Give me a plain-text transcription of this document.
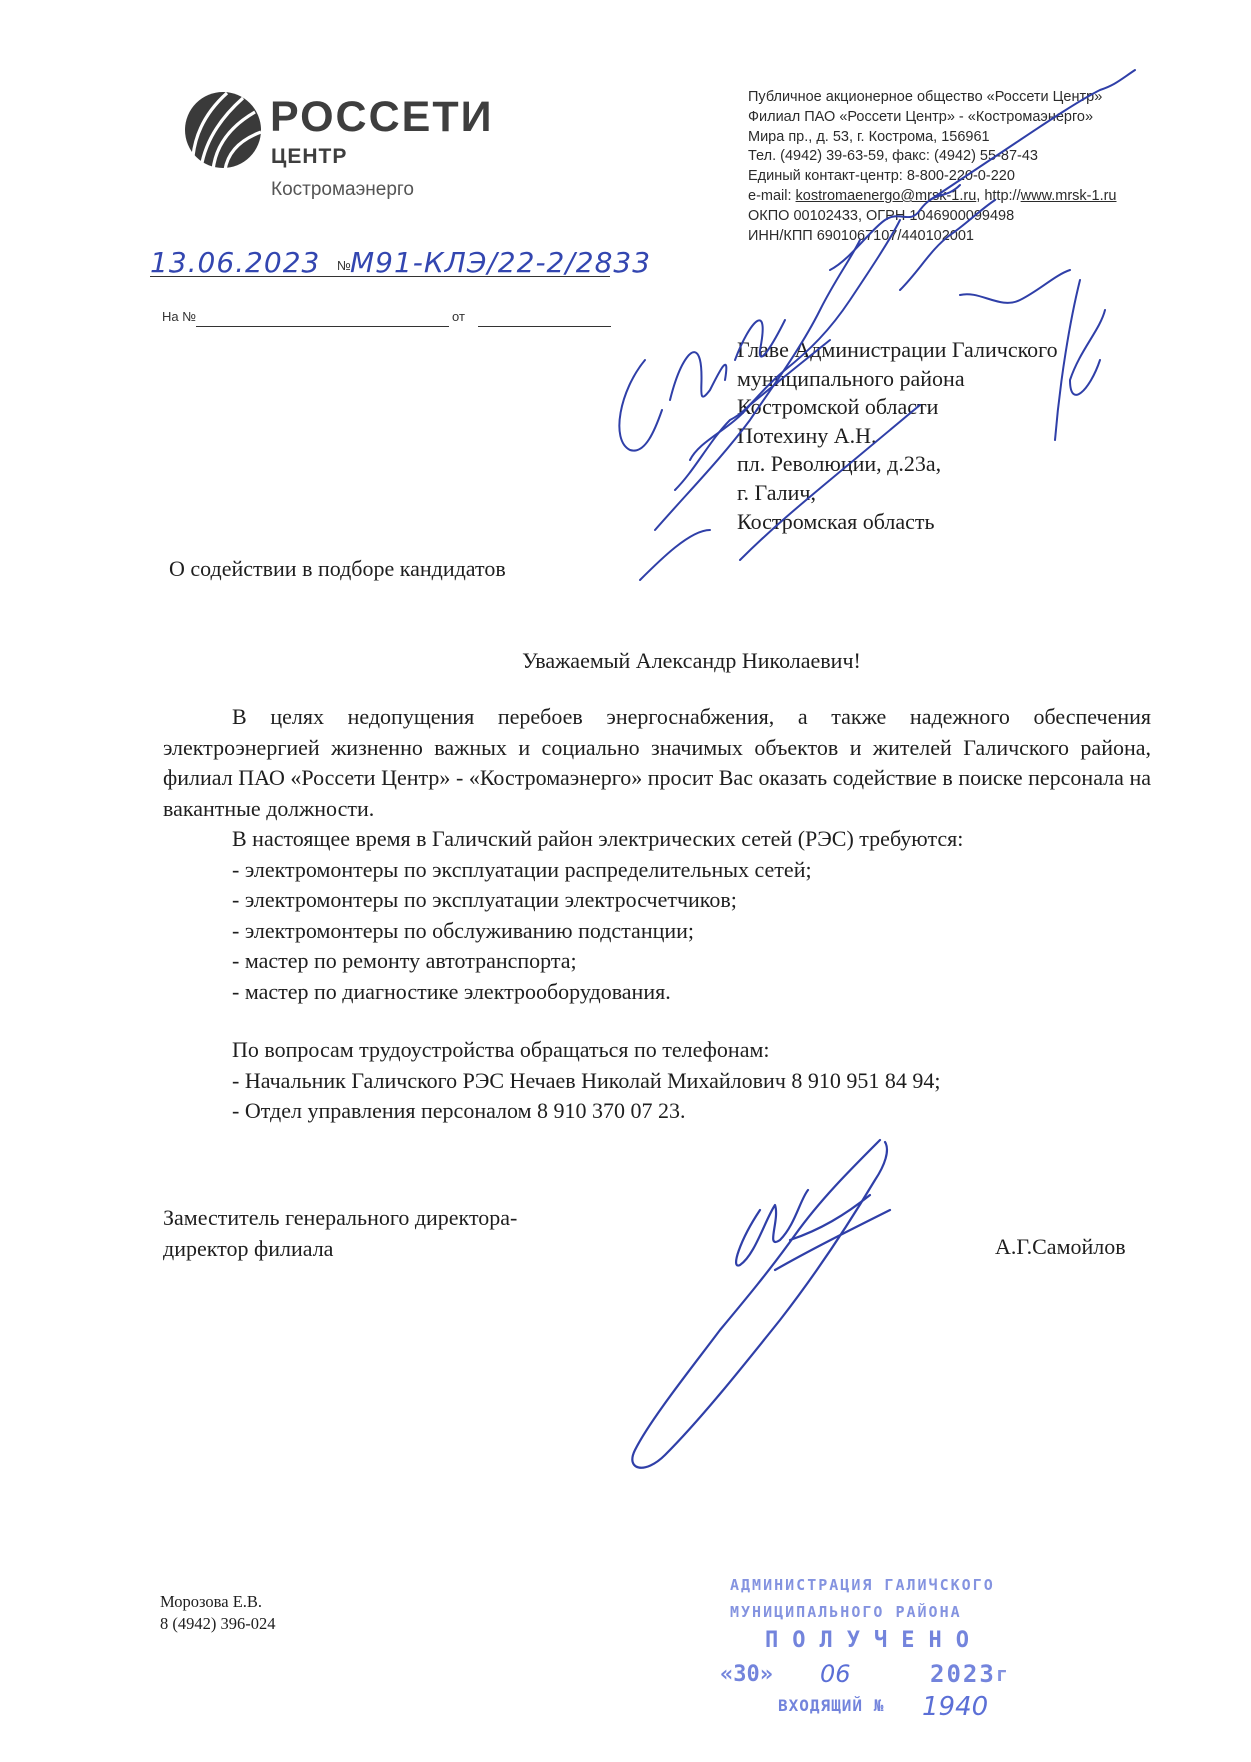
РОССЕТИ
ЦЕНТР
Костромаэнерго
Публичное акционерное общество «Россети Центр»
Филиал ПАО «Россети Центр» - «Костромаэнерго»
Мира пр., д. 53, г. Кострома, 156961
Тел. (4942) 39-63-59, факс: (4942) 55-87-43
Единый контакт-центр: 8-800-220-0-220
e-mail: kostromaenergo@mrsk-1.ru, http://www.mrsk-1.ru
ОКПО 00102433, ОГРН 1046900099498
ИНН/КПП 6901067107/440102001
13.06.2023 № М91-КЛЭ/22-2/2833
На №	от
Главе Администрации Галичского
муниципального района
Костромской области
Потехину А.Н.
пл. Революции, д.23а,
г. Галич,
Костромская область
О содействии в подборе кандидатов
Уважаемый Александр Николаевич!
В целях недопущения перебоев энергоснабжения, а также надежного обеспечения электроэнергией жизненно важных и социально значимых объектов и жителей Галичского района, филиал ПАО «Россети Центр» - «Костромаэнерго» просит Вас оказать содействие в поиске персонала на вакантные должности.
В настоящее время в Галичский район электрических сетей (РЭС) требуются:
- электромонтеры по эксплуатации распределительных сетей;
- электромонтеры по эксплуатации электросчетчиков;
- электромонтеры по обслуживанию подстанции;
- мастер по ремонту автотранспорта;
- мастер по диагностике электрооборудования.
По вопросам трудоустройства обращаться по телефонам:
- Начальник Галичского РЭС Нечаев Николай Михайлович 8 910 951 84 94;
- Отдел управления персоналом 8 910 370 07 23.
Заместитель генерального директора-
директор филиала	А.Г.Самойлов
Морозова Е.В.
8 (4942) 396-024
АДМИНИСТРАЦИЯ ГАЛИЧСКОГО
МУНИЦИПАЛЬНОГО РАЙОНА
ПОЛУЧЕНО
«30» 06	2023 г
ВХОДЯЩИЙ № 1940
